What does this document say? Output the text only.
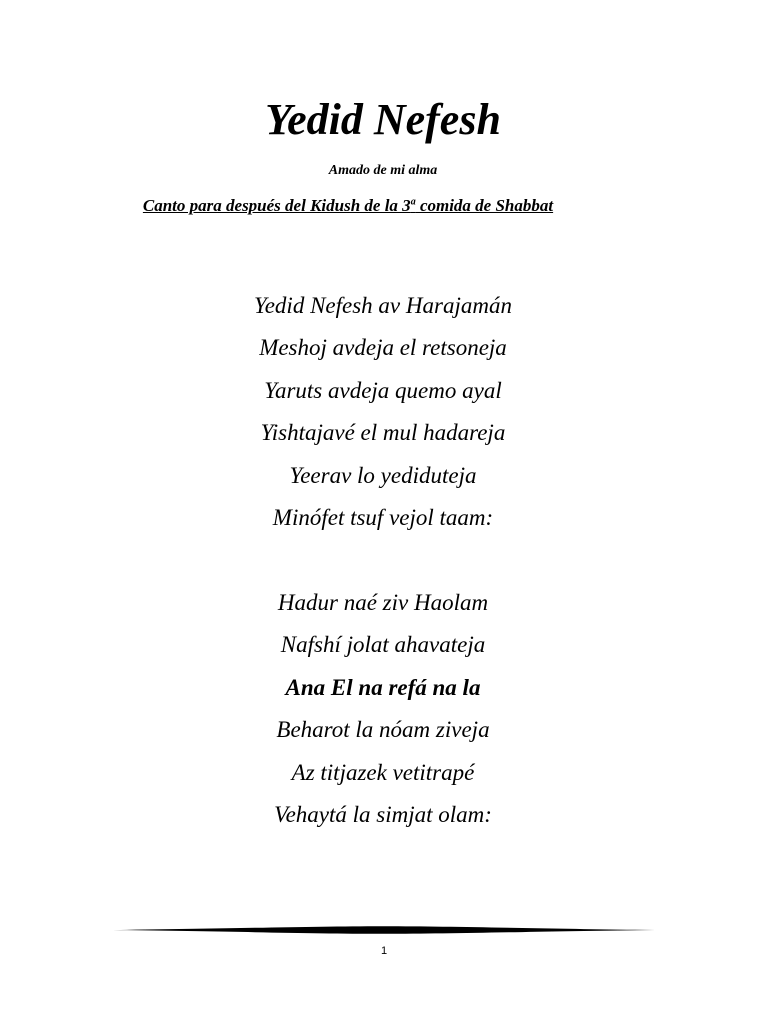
Yedid Nefesh
Amado de mi alma
Canto para después del Kidush de la 3$^a$ comida de Shabbat
Yedid Nefesh av Harajamán
Meshoj avdeja el retsoneja
Yaruts avdeja quemo ayal
Yishtajavé el mul hadareja
Yeerav lo yediduteja
Minófet tsuf vejol taam:
Hadur naé ziv Haolam
Nafshí jolat ahavateja
Ana El na refá na la
Beharot la nóam ziveja
Az titjazek vetitrapé
Vehaytá la simjat olam:
1
